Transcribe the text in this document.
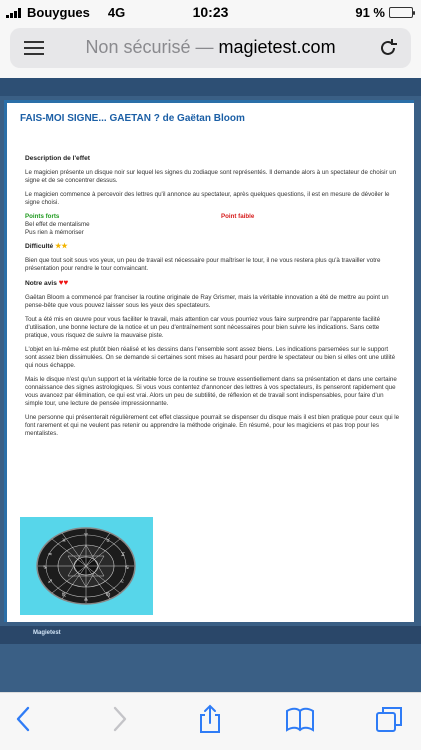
Bouygues 4G	10:23	91 %
Non sécurisé — magietest.com
FAIS-MOI SIGNE... GAETAN ? de Gaëtan Bloom
Description de l'effet

Le magicien présente un disque noir sur lequel les signes du zodiaque sont représentés. Il demande alors à un spectateur de choisir un signe et de se concentrer dessus.

Le magicien commence à percevoir des lettres qu'il annonce au spectateur, après quelques questions, il est en mesure de dévoiler le signe choisi.

Points forts
Bel effet de mentalisme
Pus rien à mémoriser
Point faible
Difficulté ★★

Bien que tout soit sous vos yeux, un peu de travail est nécessaire pour maîtriser le tour, il ne vous restera plus qu'à travailler votre présentation pour rendre le tour convaincant.

Notre avis ♥♥

Gaëtan Bloom a commencé par franciser la routine originale de Ray Grismer, mais la véritable innovation a été de mettre au point un pense-bête que vous pouvez laisser sous les yeux des spectateurs.

Tout a été mis en œuvre pour vous faciliter le travail, mais attention car vous pourriez vous faire surprendre par l'apparente facilité d'utilisation, une bonne lecture de la notice et un peu d'entraînement sont nécessaires pour bien suivre les indications. Sans cette pratique, vous risquez de suivre la mauvaise piste.

L'objet en lui-même est plutôt bien réalisé et les dessins dans l'ensemble sont assez biens. Les indications parsemées sur le support sont assez bien dissimulées. On se demande si certaines sont mises au hasard pour perdre le spectateur ou bien si elles ont une utilité qui nous échappe.

Mais le disque n'est qu'un support et la véritable force de la routine se trouve essentiellement dans sa présentation et dans une certaine connaissance des signes astrologiques. Si vous vous contentez d'annoncer des lettres à vos spectateurs, ils penseront rapidement que vous avancez par élimination, ce qui est vrai. Alors un peu de subtilité, de réflexion et de travail sont indispensables, pour faire d'un simple tour, une lecture de pensée impressionnante.

Une personne qui présenterait régulièrement cet effet classique pourrait se dispenser du disque mais il est bien pratique pour ceux qui le font rarement et qui ne veulent pas retenir ou apprendre la méthode originale. En résumé, pour les magiciens et pas trop pour les mentalistes.

♈
♉
♊
♋
♌
♍
♎
♏
♐
♑
♒
♓
Magietest
